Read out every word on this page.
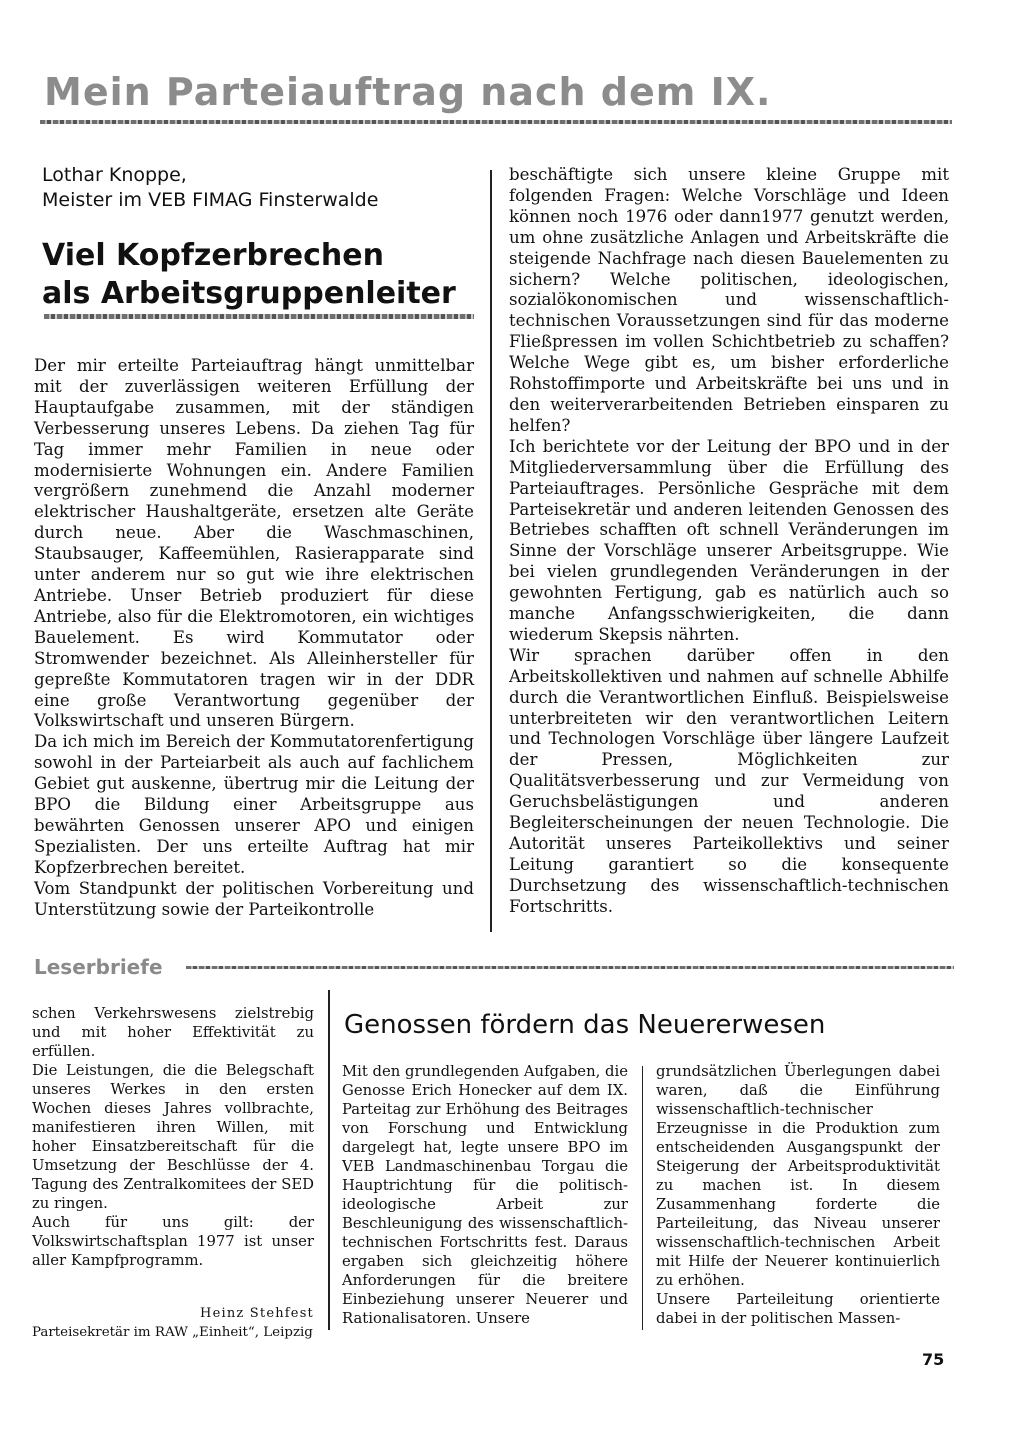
Mein Parteiauftrag nach dem IX.
Lothar Knoppe,
Meister im VEB FIMAG Finsterwalde
Viel Kopfzerbrechen
als Arbeitsgruppenleiter

Der mir erteilte Parteiauftrag hängt unmittelbar mit der zuverlässigen weiteren Erfüllung der Hauptaufgabe zusammen, mit der ständigen Verbesserung unseres Lebens. Da ziehen Tag für Tag immer mehr Familien in neue oder modernisierte Wohnungen ein. Andere Familien vergrößern zunehmend die Anzahl moderner elektrischer Haushaltgeräte, ersetzen alte Geräte durch neue. Aber die Waschmaschinen, Staubsauger, Kaffeemühlen, Rasierapparate sind unter anderem nur so gut wie ihre elektrischen Antriebe. Unser Betrieb produziert für diese Antriebe, also für die Elektromotoren, ein wichtiges Bauelement. Es wird Kommutator oder Stromwender bezeichnet. Als Alleinhersteller für gepreßte Kommutatoren tragen wir in der DDR eine große Verantwortung gegenüber der Volkswirtschaft und unseren Bürgern.

Da ich mich im Bereich der Kommutatorenfertigung sowohl in der Parteiarbeit als auch auf fachlichem Gebiet gut auskenne, übertrug mir die Leitung der BPO die Bildung einer Arbeitsgruppe aus bewährten Genossen unserer APO und einigen Spezialisten. Der uns erteilte Auftrag hat mir Kopfzerbrechen bereitet.

Vom Standpunkt der politischen Vorbereitung und Unterstützung sowie der Parteikontrolle

beschäftigte sich unsere kleine Gruppe mit folgenden Fragen: Welche Vorschläge und Ideen können noch 1976 oder dann1977 genutzt werden, um ohne zusätzliche Anlagen und Arbeitskräfte die steigende Nachfrage nach diesen Bauelementen zu sichern? Welche politischen, ideologischen, sozialökonomischen und wissenschaftlich-technischen Voraussetzungen sind für das moderne Fließpressen im vollen Schichtbetrieb zu schaffen? Welche Wege gibt es, um bisher erforderliche Rohstoffimporte und Arbeitskräfte bei uns und in den weiterverarbeitenden Betrieben einsparen zu helfen?

Ich berichtete vor der Leitung der BPO und in der Mitgliederversammlung über die Erfüllung des Parteiauftrages. Persönliche Gespräche mit dem Parteisekretär und anderen leitenden Genossen des Betriebes schafften oft schnell Veränderungen im Sinne der Vorschläge unserer Arbeitsgruppe. Wie bei vielen grundlegenden Veränderungen in der gewohnten Fertigung, gab es natürlich auch so manche Anfangsschwierigkeiten, die dann wiederum Skepsis nährten.

Wir sprachen darüber offen in den Arbeitskollektiven und nahmen auf schnelle Abhilfe durch die Verantwortlichen Einfluß. Beispielsweise unterbreiteten wir den verantwortlichen Leitern und Technologen Vorschläge über längere Laufzeit der Pressen, Möglichkeiten zur Qualitätsverbesserung und zur Vermeidung von Geruchsbelästigungen und anderen Begleiterscheinungen der neuen Technologie. Die Autorität unseres Parteikollektivs und seiner Leitung garantiert so die konsequente Durchsetzung des wissenschaftlich-technischen Fortschritts.

Leserbriefe

schen Verkehrswesens zielstrebig und mit hoher Effektivität zu erfüllen.

Die Leistungen, die die Belegschaft unseres Werkes in den ersten Wochen dieses Jahres vollbrachte, manifestieren ihren Willen, mit hoher Einsatzbereitschaft für die Umsetzung der Beschlüsse der 4. Tagung des Zentralkomitees der SED zu ringen.

Auch für uns gilt: der Volkswirtschaftsplan 1977 ist unser aller Kampfprogramm.

Heinz Stehfest
Parteisekretär im RAW „Einheit“, Leipzig
Genossen fördern das Neuererwesen

Mit den grundlegenden Aufgaben, die Genosse Erich Honecker auf dem IX. Parteitag zur Erhöhung des Beitrages von Forschung und Entwicklung dargelegt hat, legte unsere BPO im VEB Landmaschinenbau Torgau die Hauptrichtung für die politisch-ideologische Arbeit zur Beschleunigung des wissenschaftlich-technischen Fortschritts fest. Daraus ergaben sich gleichzeitig höhere Anforderungen für die breitere Einbeziehung unserer Neuerer und Rationalisatoren. Unsere

grundsätzlichen Überlegungen dabei waren, daß die Einführung wissenschaftlich-technischer Erzeugnisse in die Produktion zum entscheidenden Ausgangspunkt der Steigerung der Arbeitsproduktivität zu machen ist. In diesem Zusammenhang forderte die Parteileitung, das Niveau unserer wissenschaftlich-technischen Arbeit mit Hilfe der Neuerer kontinuierlich zu erhöhen.

Unsere Parteileitung orientierte dabei in der politischen Massen-

75
